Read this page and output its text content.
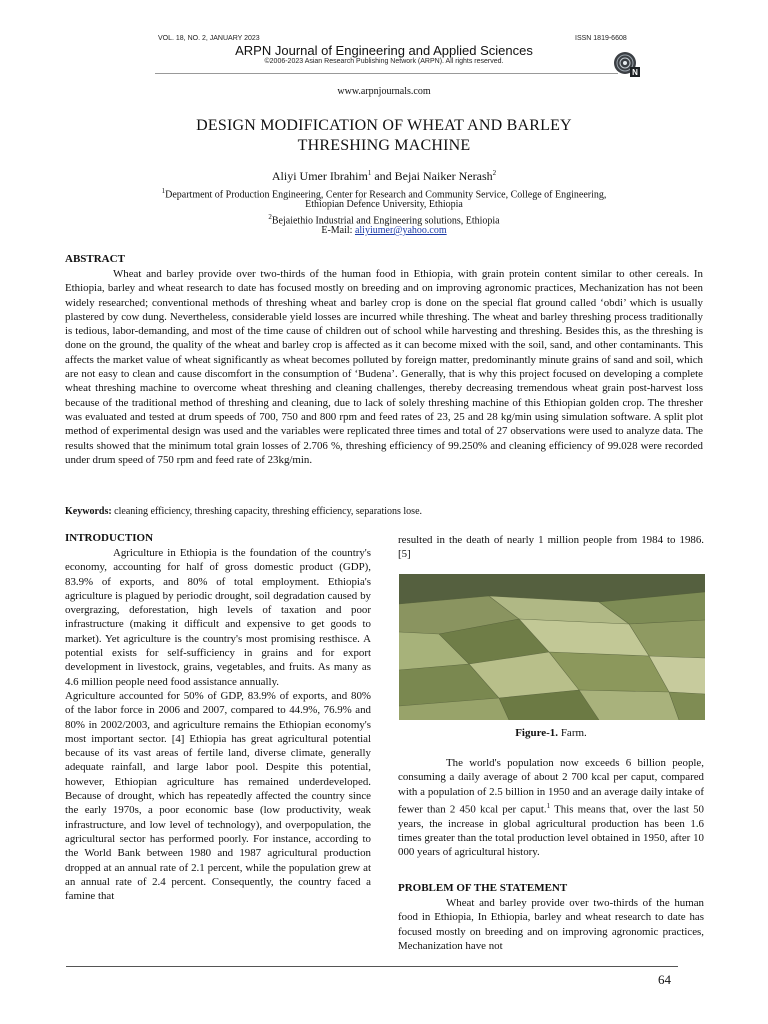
VOL. 18, NO. 2, JANUARY 2023	ISSN 1819-6608
ARPN Journal of Engineering and Applied Sciences
©2006-2023 Asian Research Publishing Network (ARPN). All rights reserved.
N
www.arpnjournals.com
DESIGN MODIFICATION OF WHEAT AND BARLEY
THRESHING MACHINE
Aliyi Umer Ibrahim$^1$ and Bejai Naiker Nerash$^2$
$^1$Department of Production Engineering, Center for Research and Community Service, College of Engineering,
Ethiopian Defence University, Ethiopia
$^2$Bejaiethio Industrial and Engineering solutions, Ethiopia
E-Mail: aliyiumer@yahoo.com
ABSTRACT

Wheat and barley provide over two-thirds of the human food in Ethiopia, with grain protein content similar to other cereals. In Ethiopia, barley and wheat research to date has focused mostly on breeding and on improving agronomic practices, Mechanization has not been widely researched; conventional methods of threshing wheat and barley crop is done on the special flat ground called ‘obdi’ which is usually plastered by cow dung. Nevertheless, considerable yield losses are incurred while threshing. The wheat and barley threshing process traditionally is tedious, labor-demanding, and most of the time cause of children out of school while harvesting and threshing. Besides this, as the threshing is done on the ground, the quality of the wheat and barley crop is affected as it can become mixed with the soil, sand, and other contaminants. This affects the market value of wheat significantly as wheat becomes polluted by foreign matter, predominantly minute grains of sand and soil, which are not easy to clean and cause discomfort in the consumption of ‘Budena’. Generally, that is why this project focused on developing a complete wheat threshing machine to overcome wheat threshing and cleaning challenges, thereby decreasing tremendous wheat grain post-harvest loss because of the traditional method of threshing and cleaning, due to lack of solely threshing machine of this Ethiopian golden crop. The thresher was evaluated and tested at drum speeds of 700, 750 and 800 rpm and feed rates of 23, 25 and 28 kg/min using simulation software. A split plot method of experimental design was used and the variables were replicated three times and total of 27 observations were used to analyze data. The results showed that the minimum total grain losses of 2.706 %, threshing efficiency of 99.250% and cleaning efficiency of 99.028 were recorded under drum speed of 750 rpm and feed rate of 23kg/min.

Keywords: cleaning efficiency, threshing capacity, threshing efficiency, separations lose.
INTRODUCTION

Agriculture in Ethiopia is the foundation of the country's economy, accounting for half of gross domestic product (GDP), 83.9% of exports, and 80% of total employment. Ethiopia's agriculture is plagued by periodic drought, soil degradation caused by overgrazing, deforestation, high levels of taxation and poor infrastructure (making it difficult and expensive to get goods to market). Yet agriculture is the country's most promising resthisce. A potential exists for self-sufficiency in grains and for export development in livestock, grains, vegetables, and fruits. As many as 4.6 million people need food assistance annually.

Agriculture accounted for 50% of GDP, 83.9% of exports, and 80% of the labor force in 2006 and 2007, compared to 44.9%, 76.9% and 80% in 2002/2003, and agriculture remains the Ethiopian economy's most important sector. [4] Ethiopia has great agricultural potential because of its vast areas of fertile land, diverse climate, generally adequate rainfall, and large labor pool. Despite this potential, however, Ethiopian agriculture has remained underdeveloped. Because of drought, which has repeatedly affected the country since the early 1970s, a poor economic base (low productivity, weak infrastructure, and low level of technology), and overpopulation, the agricultural sector has performed poorly. For instance, according to the World Bank between 1980 and 1987 agricultural production dropped at an annual rate of 2.1 percent, while the population grew at an annual rate of 2.4 percent. Consequently, the country faced a famine that

resulted in the death of nearly 1 million people from 1984 to 1986. [5]
Figure-1. Farm.

The world's population now exceeds 6 billion people, consuming a daily average of about 2 700 kcal per caput, compared with a population of 2.5 billion in 1950 and an average daily intake of fewer than 2 450 kcal per caput.$^1$ This means that, over the last 50 years, the increase in global agricultural production has been 1.6 times greater than the total production level obtained in 1950, after 10 000 years of agricultural history.

PROBLEM OF THE STATEMENT

Wheat and barley provide over two-thirds of the human food in Ethiopia, In Ethiopia, barley and wheat research to date has focused mostly on breeding and on improving agronomic practices, Mechanization have not

64
